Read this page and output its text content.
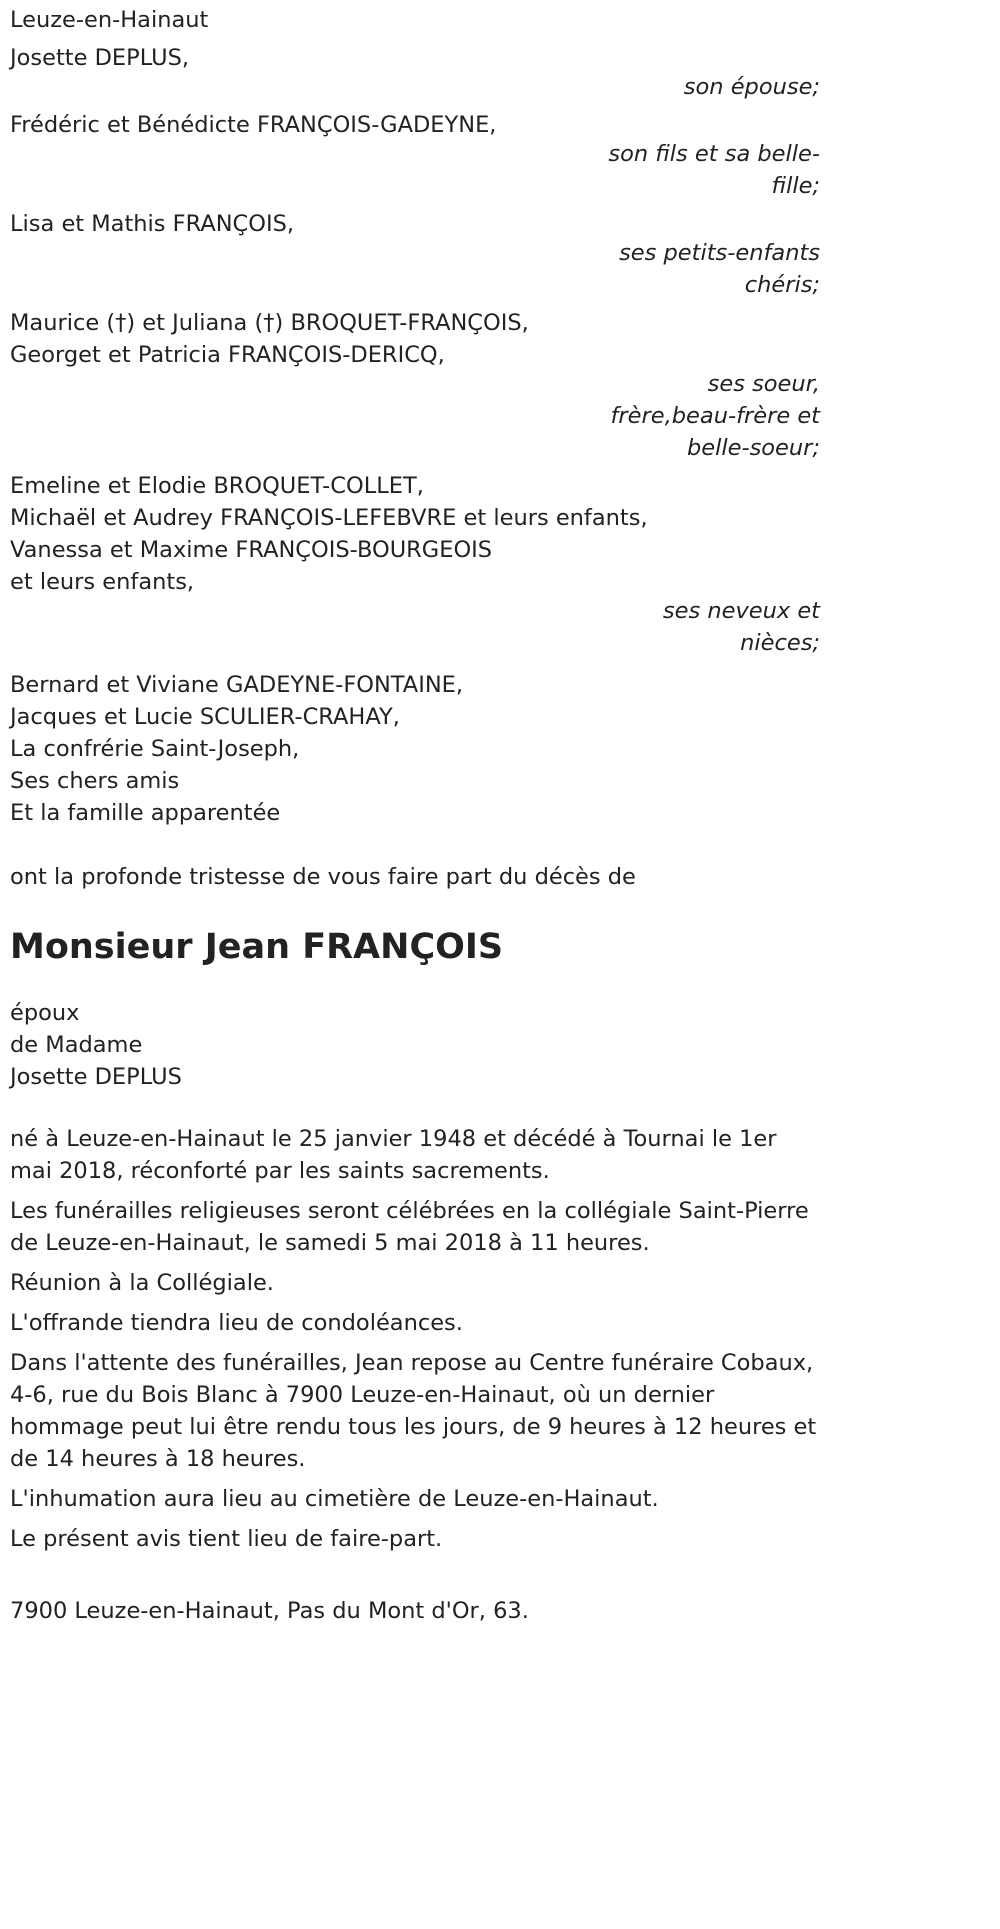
Leuze-en-Hainaut
Josette DEPLUS,
son épouse;
Frédéric et Bénédicte FRANÇOIS-GADEYNE,
son fils et sa belle-
fille;
Lisa et Mathis FRANÇOIS,
ses petits-enfants
chéris;
Maurice (†) et Juliana (†) BROQUET-FRANÇOIS,
Georget et Patricia FRANÇOIS-DERICQ,
ses soeur,
frère,beau-frère et
belle-soeur;
Emeline et Elodie BROQUET-COLLET,
Michaël et Audrey FRANÇOIS-LEFEBVRE et leurs enfants,
Vanessa et Maxime FRANÇOIS-BOURGEOIS
et leurs enfants,
ses neveux et
nièces;
Bernard et Viviane GADEYNE-FONTAINE,
Jacques et Lucie SCULIER-CRAHAY,
La confrérie Saint-Joseph,
Ses chers amis
Et la famille apparentée
ont la profonde tristesse de vous faire part du décès de
Monsieur Jean FRANÇOIS
époux
de Madame
Josette DEPLUS
né à Leuze-en-Hainaut le 25 janvier 1948 et décédé à Tournai le 1er mai 2018, réconforté par les saints sacrements.
Les funérailles religieuses seront célébrées en la collégiale Saint-Pierre de Leuze-en-Hainaut, le samedi 5 mai 2018 à 11 heures.
Réunion à la Collégiale.
L'offrande tiendra lieu de condoléances.
Dans l'attente des funérailles, Jean repose au Centre funéraire Cobaux, 4-6, rue du Bois Blanc à 7900 Leuze-en-Hainaut, où un dernier hommage peut lui être rendu tous les jours, de 9 heures à 12 heures et de 14 heures à 18 heures.
L'inhumation aura lieu au cimetière de Leuze-en-Hainaut.
Le présent avis tient lieu de faire-part.
7900 Leuze-en-Hainaut, Pas du Mont d'Or, 63.
